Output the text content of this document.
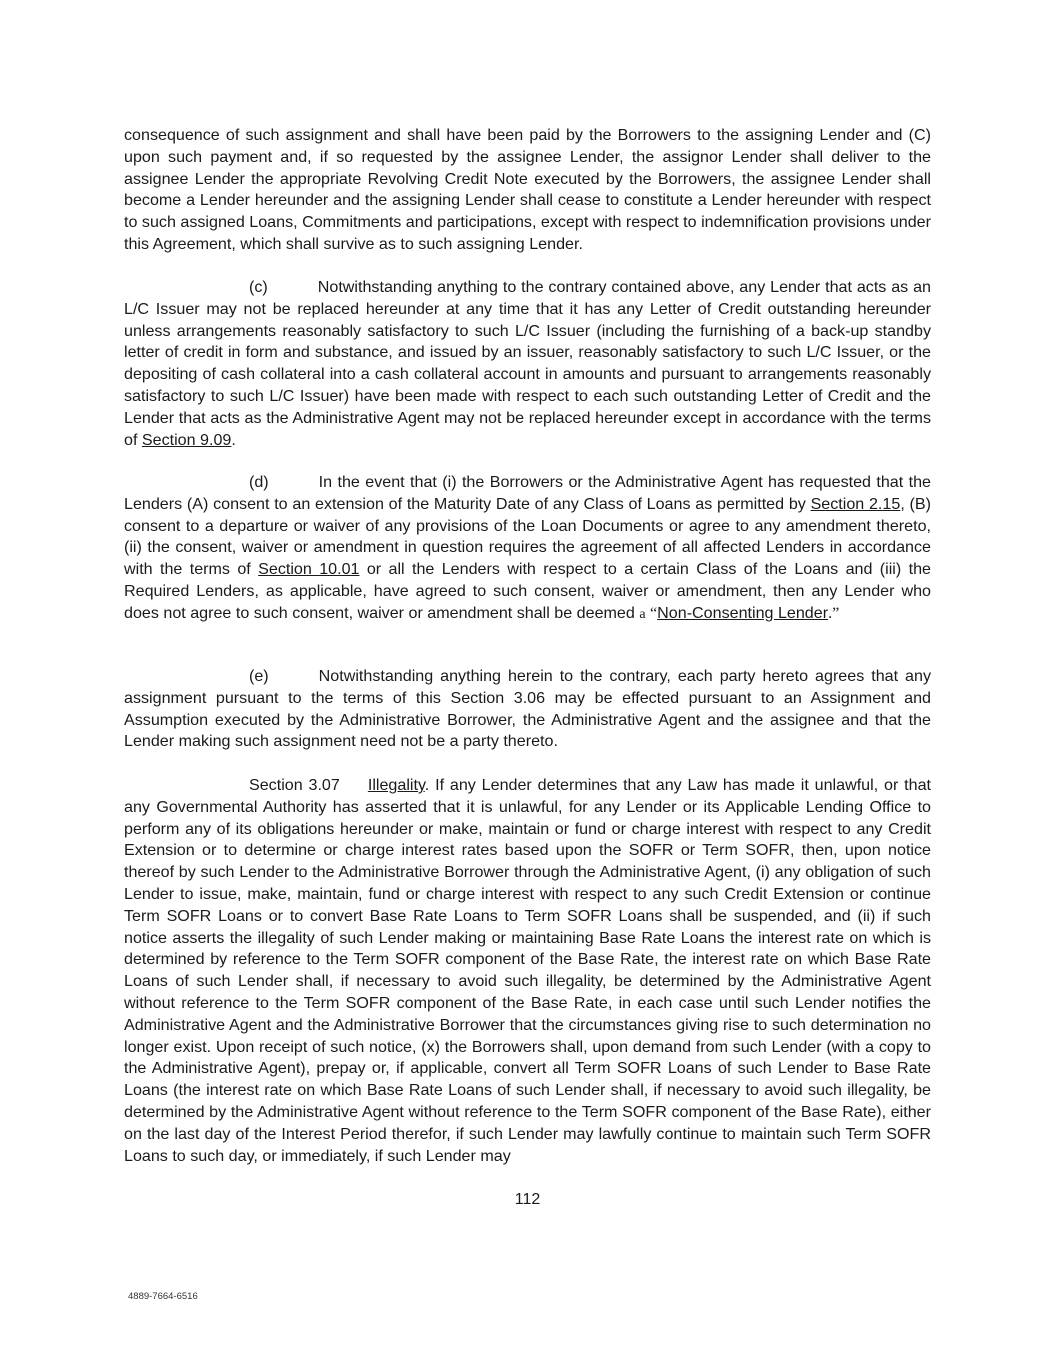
consequence of such assignment and shall have been paid by the Borrowers to the assigning Lender and (C) upon such payment and, if so requested by the assignee Lender, the assignor Lender shall deliver to the assignee Lender the appropriate Revolving Credit Note executed by the Borrowers, the assignee Lender shall become a Lender hereunder and the assigning Lender shall cease to constitute a Lender hereunder with respect to such assigned Loans, Commitments and participations, except with respect to indemnification provisions under this Agreement, which shall survive as to such assigning Lender.

(c)	Notwithstanding anything to the contrary contained above, any Lender that acts as an L/C Issuer may not be replaced hereunder at any time that it has any Letter of Credit outstanding hereunder unless arrangements reasonably satisfactory to such L/C Issuer (including the furnishing of a back-up standby letter of credit in form and substance, and issued by an issuer, reasonably satisfactory to such L/C Issuer, or the depositing of cash collateral into a cash collateral account in amounts and pursuant to arrangements reasonably satisfactory to such L/C Issuer) have been made with respect to each such outstanding Letter of Credit and the Lender that acts as the Administrative Agent may not be replaced hereunder except in accordance with the terms of Section 9.09.

(d)	In the event that (i) the Borrowers or the Administrative Agent has requested that the Lenders (A) consent to an extension of the Maturity Date of any Class of Loans as permitted by Section 2.15, (B) consent to a departure or waiver of any provisions of the Loan Documents or agree to any amendment thereto, (ii) the consent, waiver or amendment in question requires the agreement of all affected Lenders in accordance with the terms of Section 10.01 or all the Lenders with respect to a certain Class of the Loans and (iii) the Required Lenders, as applicable, have agreed to such consent, waiver or amendment, then any Lender who does not agree to such consent, waiver or amendment shall be deemed a “Non-Consenting Lender.”

(e)	Notwithstanding anything herein to the contrary, each party hereto agrees that any assignment pursuant to the terms of this Section 3.06 may be effected pursuant to an Assignment and Assumption executed by the Administrative Borrower, the Administrative Agent and the assignee and that the Lender making such assignment need not be a party thereto.

Section 3.07 Illegality. If any Lender determines that any Law has made it unlawful, or that any Governmental Authority has asserted that it is unlawful, for any Lender or its Applicable Lending Office to perform any of its obligations hereunder or make, maintain or fund or charge interest with respect to any Credit Extension or to determine or charge interest rates based upon the SOFR or Term SOFR, then, upon notice thereof by such Lender to the Administrative Borrower through the Administrative Agent, (i) any obligation of such Lender to issue, make, maintain, fund or charge interest with respect to any such Credit Extension or continue Term SOFR Loans or to convert Base Rate Loans to Term SOFR Loans shall be suspended, and (ii) if such notice asserts the illegality of such Lender making or maintaining Base Rate Loans the interest rate on which is determined by reference to the Term SOFR component of the Base Rate, the interest rate on which Base Rate Loans of such Lender shall, if necessary to avoid such illegality, be determined by the Administrative Agent without reference to the Term SOFR component of the Base Rate, in each case until such Lender notifies the Administrative Agent and the Administrative Borrower that the circumstances giving rise to such determination no longer exist. Upon receipt of such notice, (x) the Borrowers shall, upon demand from such Lender (with a copy to the Administrative Agent), prepay or, if applicable, convert all Term SOFR Loans of such Lender to Base Rate Loans (the interest rate on which Base Rate Loans of such Lender shall, if necessary to avoid such illegality, be determined by the Administrative Agent without reference to the Term SOFR component of the Base Rate), either on the last day of the Interest Period therefor, if such Lender may lawfully continue to maintain such Term SOFR Loans to such day, or immediately, if such Lender may

112
4889-7664-6516
